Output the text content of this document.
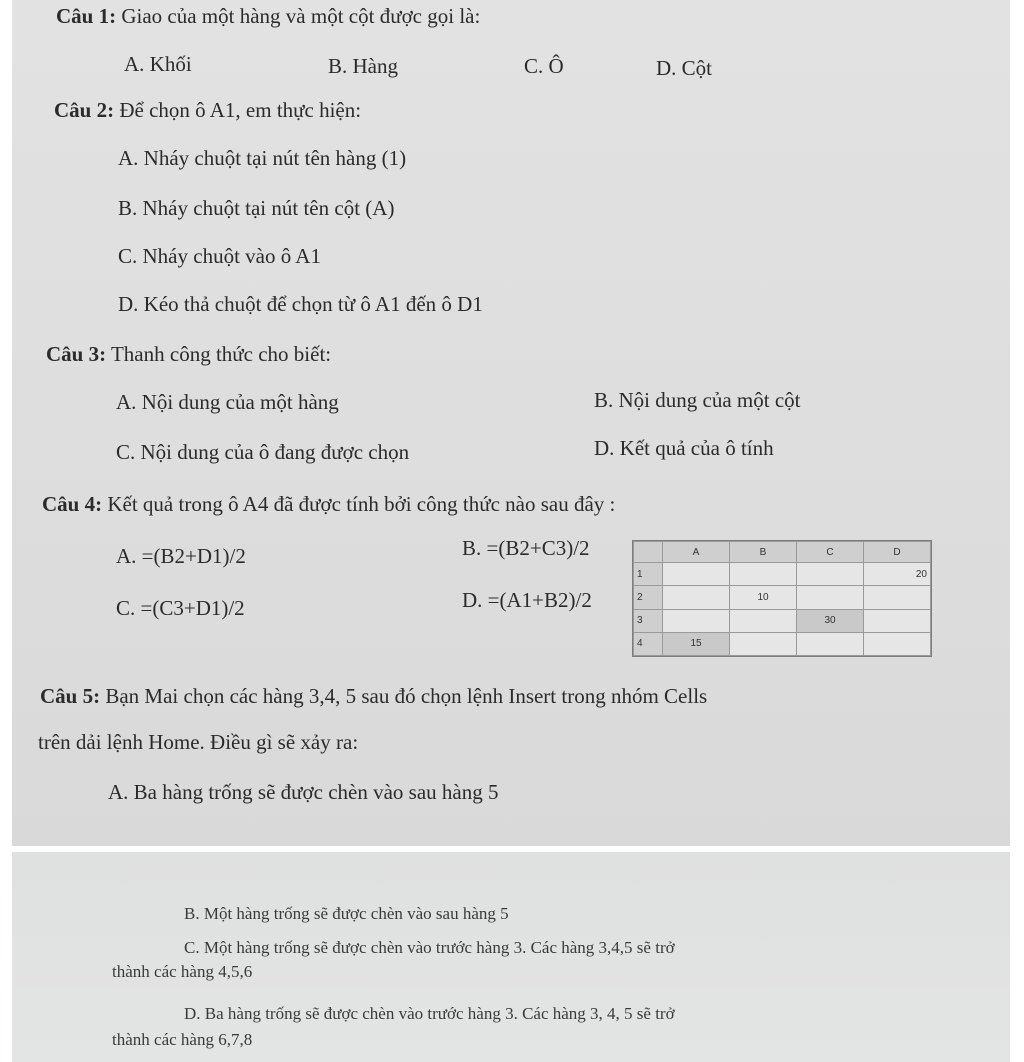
Câu 1: Giao của một hàng và một cột được gọi là:
A. Khối	B. Hàng	C. Ô	D. Cột
Câu 2: Để chọn ô A1, em thực hiện:
A. Nháy chuột tại nút tên hàng (1)
B. Nháy chuột tại nút tên cột (A)
C. Nháy chuột vào ô A1
D. Kéo thả chuột để chọn từ ô A1 đến ô D1
Câu 3: Thanh công thức cho biết:
A. Nội dung của một hàng	B. Nội dung của một cột
C. Nội dung của ô đang được chọn	D. Kết quả của ô tính
Câu 4: Kết quả trong ô A4 đã được tính bởi công thức nào sau đây :
A. =(B2+D1)/2	B. =(B2+C3)/2
C. =(C3+D1)/2	D. =(A1+B2)/2
	A	B	C	D
1				20
2		10		
3			30	
4	15			
Câu 5: Bạn Mai chọn các hàng 3,4, 5 sau đó chọn lệnh Insert trong nhóm Cells
trên dải lệnh Home. Điều gì sẽ xảy ra:
A. Ba hàng trống sẽ được chèn vào sau hàng 5
B. Một hàng trống sẽ được chèn vào sau hàng 5
C. Một hàng trống sẽ được chèn vào trước hàng 3. Các hàng 3,4,5 sẽ trở
thành các hàng 4,5,6
D. Ba hàng trống sẽ được chèn vào trước hàng 3. Các hàng 3, 4, 5 sẽ trở
thành các hàng 6,7,8
